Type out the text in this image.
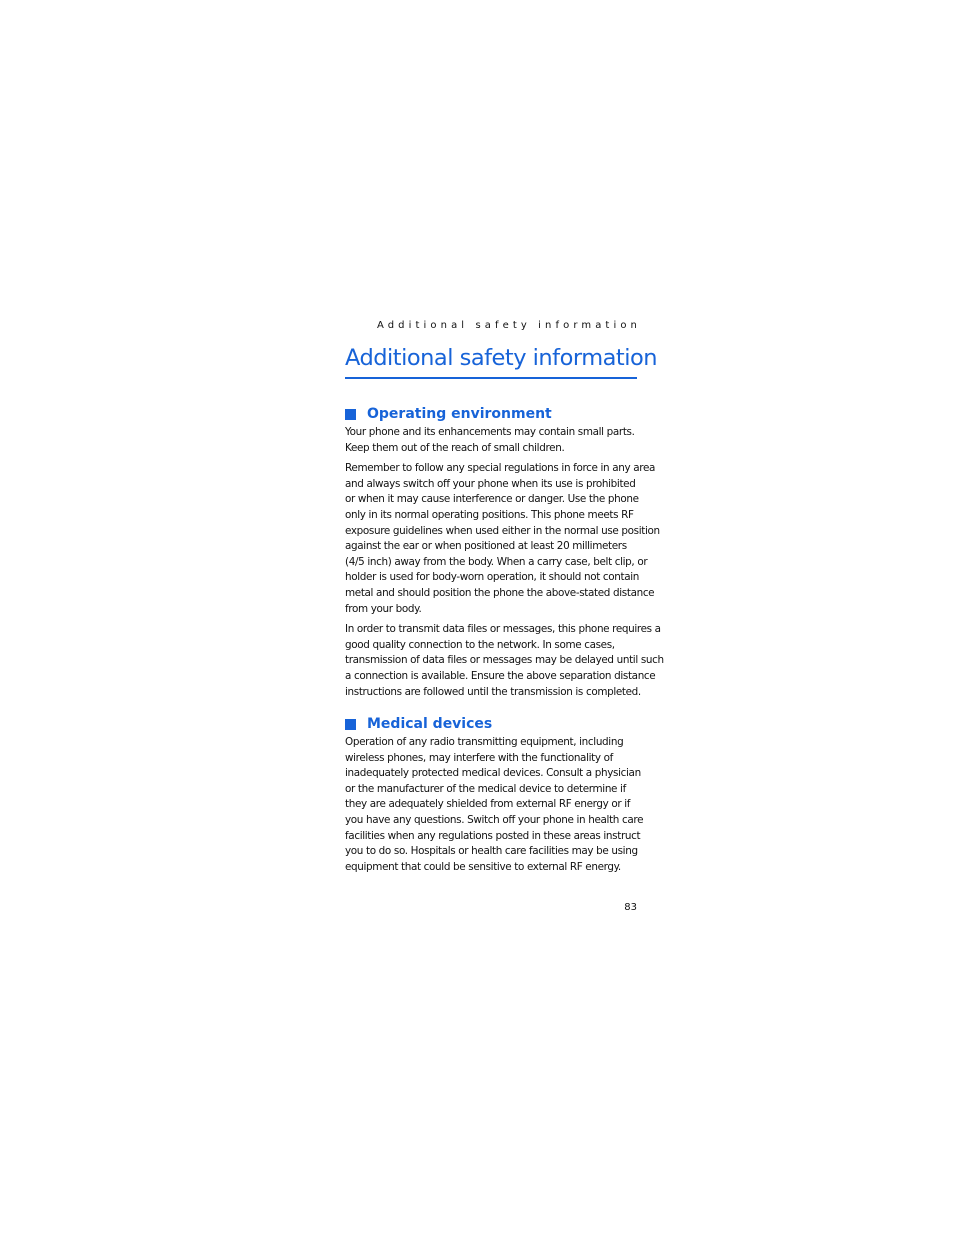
Additional safety information
Additional safety information
Operating environment

Your phone and its enhancements may contain small parts.
Keep them out of the reach of small children.

Remember to follow any special regulations in force in any area
and always switch off your phone when its use is prohibited
or when it may cause interference or danger. Use the phone
only in its normal operating positions. This phone meets RF
exposure guidelines when used either in the normal use position
against the ear or when positioned at least 20 millimeters
(4/5 inch) away from the body. When a carry case, belt clip, or
holder is used for body-worn operation, it should not contain
metal and should position the phone the above-stated distance
from your body.

In order to transmit data files or messages, this phone requires a
good quality connection to the network. In some cases,
transmission of data files or messages may be delayed until such
a connection is available. Ensure the above separation distance
instructions are followed until the transmission is completed.

Medical devices

Operation of any radio transmitting equipment, including
wireless phones, may interfere with the functionality of
inadequately protected medical devices. Consult a physician
or the manufacturer of the medical device to determine if
they are adequately shielded from external RF energy or if
you have any questions. Switch off your phone in health care
facilities when any regulations posted in these areas instruct
you to do so. Hospitals or health care facilities may be using
equipment that could be sensitive to external RF energy.

83
